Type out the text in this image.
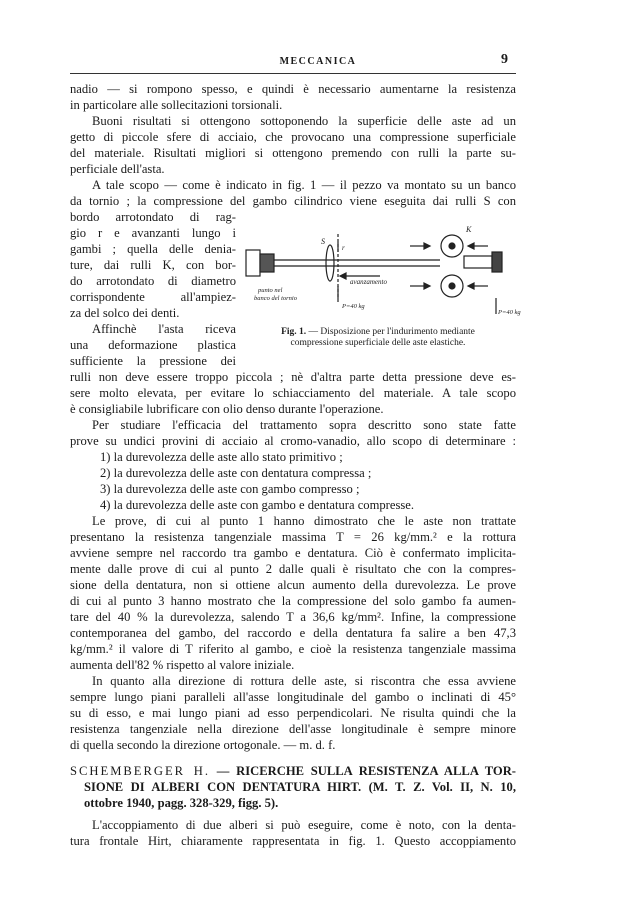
MECCANICA	9
nadio — si rompono spesso, e quindi è necessario aumentarne la resistenza
in particolare alle sollecitazioni torsionali.
Buoni risultati si ottengono sottoponendo la superficie delle aste ad un
getto di piccole sfere di acciaio, che provocano una compressione superficiale
del materiale. Risultati migliori si ottengono premendo con rulli la parte su-
perficiale dell'asta.
A tale scopo — come è indicato in fig. 1 — il pezzo va montato su un banco
da tornio ; la compressione del gambo cilindrico viene eseguita dai rulli S con
bordo arrotondato di rag-
gio r e avanzanti lungo i
gambi ; quella delle denia-
ture, dai rulli K, con bor-
do arrotondato di diametro
corrispondente all'ampiez-
za del solco dei denti.
Affinchè l'asta riceva
una deformazione plastica
sufficiente la pressione dei
S
r
K
avanzamento
P=40 kg
P=40 kg
punto nel
banco del tornio
Fig. 1. — Disposizione per l'indurimento mediante
compressione superficiale delle aste elastiche.
rulli non deve essere troppo piccola ; nè d'altra parte detta pressione deve es-
sere molto elevata, per evitare lo schiacciamento del materiale. A tale scopo
è consigliabile lubrificare con olio denso durante l'operazione.
Per studiare l'efficacia del trattamento sopra descritto sono state fatte
prove su undici provini di acciaio al cromo-vanadio, allo scopo di determinare :
1) la durevolezza delle aste allo stato primitivo ;
2) la durevolezza delle aste con dentatura compressa ;
3) la durevolezza delle aste con gambo compresso ;
4) la durevolezza delle aste con gambo e dentatura compresse.
Le prove, di cui al punto 1 hanno dimostrato che le aste non trattate
presentano la resistenza tangenziale massima T = 26 kg/mm.² e la rottura
avviene sempre nel raccordo tra gambo e dentatura. Ciò è confermato implicita-
mente dalle prove di cui al punto 2 dalle quali è risultato che con la compres-
sione della dentatura, non si ottiene alcun aumento della durevolezza. Le prove
di cui al punto 3 hanno mostrato che la compressione del solo gambo fa aumen-
tare del 40 % la durevolezza, salendo T a 36,6 kg/mm². Infine, la compressione
contemporanea del gambo, del raccordo e della dentatura fa salire a ben 47,3
kg/mm.² il valore di T riferito al gambo, e cioè la resistenza tangenziale massima
aumenta dell'82 % rispetto al valore iniziale.
In quanto alla direzione di rottura delle aste, si riscontra che essa avviene
sempre lungo piani paralleli all'asse longitudinale del gambo o inclinati di 45°
su di esso, e mai lungo piani ad esso perpendicolari. Ne risulta quindi che la
resistenza tangenziale nella direzione dell'asse longitudinale è sempre minore
di quella secondo la direzione ortogonale. — m. d. f.
SCHEMBERGER H. — RICERCHE SULLA RESISTENZA ALLA TOR-
SIONE DI ALBERI CON DENTATURA HIRT. (M. T. Z. Vol. II, N. 10,
ottobre 1940, pagg. 328-329, figg. 5).
L'accoppiamento di due alberi si può eseguire, come è noto, con la denta-
tura frontale Hirt, chiaramente rappresentata in fig. 1. Questo accoppiamento
